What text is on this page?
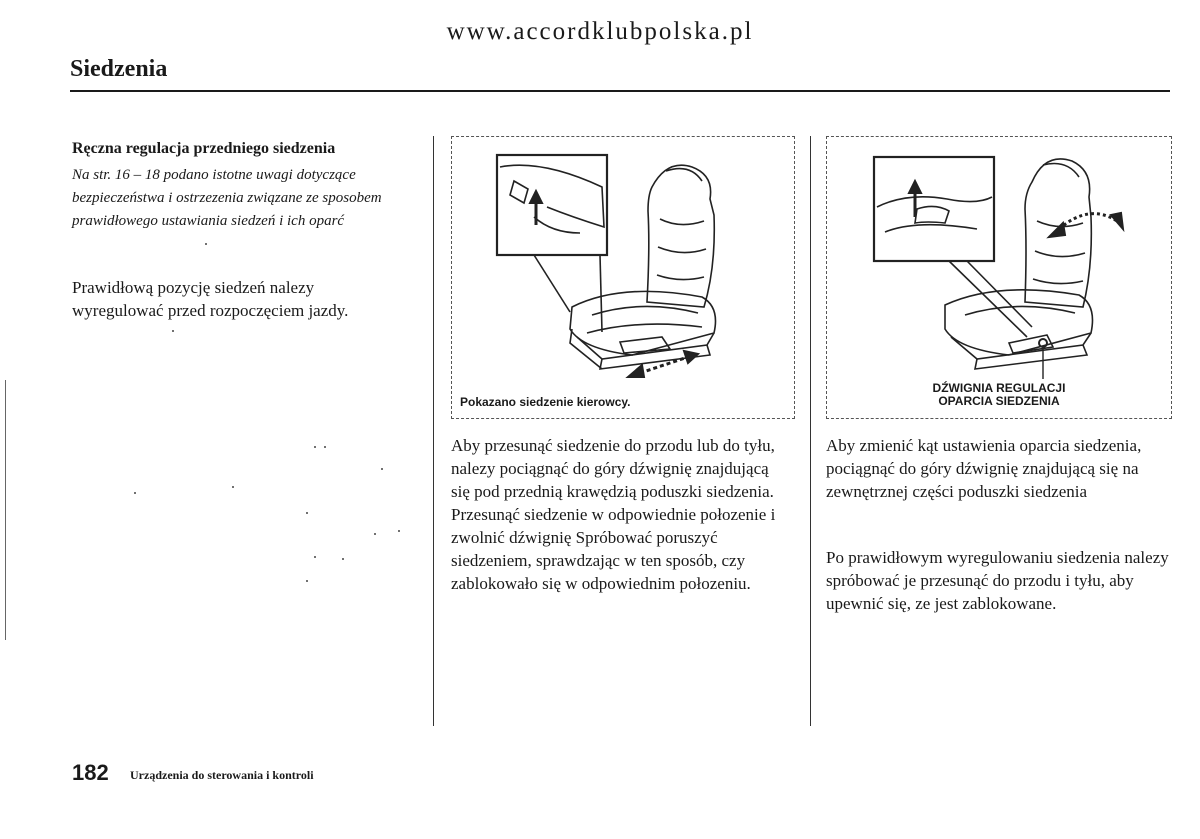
www.accordklubpolska.pl
Siedzenia
Ręczna regulacja przedniego siedzenia
Na str. 16 – 18 podano istotne uwagi dotyczące bezpieczeństwa i ostrzezenia związane ze sposobem prawidłowego ustawiania siedzeń i ich oparć
Prawidłową pozycję siedzeń nalezy wyregulować przed rozpoczęciem jazdy.
Pokazano siedzenie kierowcy.
DŹWIGNIA REGULACJI
OPARCIA SIEDZENIA
Aby przesunąć siedzenie do przodu lub do tyłu, nalezy pociągnąć do góry dźwignię znajdującą się pod przednią krawędzią poduszki siedzenia. Przesunąć siedzenie w odpowiednie połozenie i zwolnić dźwignię Spróbować poruszyć siedzeniem, sprawdzając w ten sposób, czy zablokowało się w odpowiednim połozeniu.
Aby zmienić kąt ustawienia oparcia siedzenia, pociągnąć do góry dźwignię znajdującą się na zewnętrznej części poduszki siedzenia
Po prawidłowym wyregulowaniu siedzenia nalezy spróbować je przesunąć do przodu i tyłu, aby upewnić się, ze jest zablokowane.
182 Urządzenia do sterowania i kontroli
